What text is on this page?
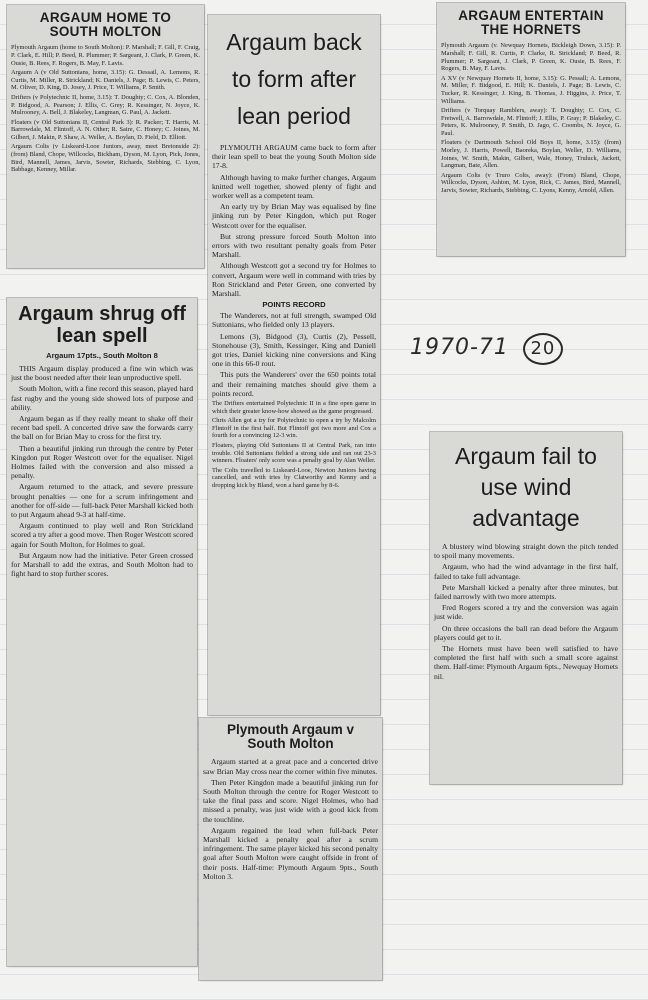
ARGAUM HOME TO SOUTH MOLTON

Plymouth Argaum (home to South Molton): P. Marshall; F. Gill, F. Craig, P. Clark, E. Hill; P. Beed, R. Plummer; P. Sargeant, J. Clark, P. Green, K. Ousie, B. Rees, F. Rogers, B. May, F. Lavis.

Argaum A (v Old Suttonians, home, 3.15): G. Dessail, A. Lemons, R. Curtis, M. Miller, R. Strickland; K. Daniels, J. Page; B. Lewis, C. Peters, M. Oliver, D. King, D. Josey, J. Price, T. Williams, P. Smith.

Drifters (v Polytechnic II, home, 3.15): T. Doughty; C. Cox, A. Blonden, P. Bidgood, A. Pearson; J. Ellis, C. Grey; R. Kessinger, N. Joyce, K. Mulrooney, A. Bell, J. Blakeley, Langman, G. Paul, A. Jackett.

Floaters (v Old Suttonians II, Central Park 3): R. Packer; T. Harris, M. Barrowdale, M. Flintoff, A. N. Other; R. Saire, C. Honey; C. Joines, M. Gilbert, J. Makin, P. Shaw, A. Weller, A. Boylan, D. Field, D. Elliott.

Argaum Colts (v Liskeard-Looe Juniors, away, meet Bretonside 2): (from) Bland, Chope, Willcocks, Bickham, Dyson, M. Lyon, Pick, Jones, Bird, Mannell, James, Jarvis, Sowter, Richards, Stebbing, C. Lyon, Babbage, Kenney, Millar.

Argaum shrug off lean spell
Argaum 17pts., South Molton 8

THIS Argaum display produced a fine win which was just the boost needed after their lean unproductive spell.

South Molton, with a fine record this season, played hard fast rugby and the young side showed lots of purpose and ability.

Argaum began as if they really meant to shake off their recent bad spell. A concerted drive saw the forwards carry the ball on for Brian May to cross for the first try.

Then a beautiful jinking run through the centre by Peter Kingdon put Roger Westcott over for the equaliser. Nigel Holmes failed with the conversion and also missed a penalty.

Argaum returned to the attack, and severe pressure brought penalties — one for a scrum infringement and another for off-side — full-back Peter Marshall kicked both to put Argaum ahead 9-3 at half-time.

Argaum continued to play well and Ron Strickland scored a try after a good move. Then Roger Westcott scored again for South Molton, for Holmes to goal.

But Argaum now had the initiative. Peter Green crossed for Marshall to add the extras, and South Molton had to fight hard to stop further scores.

Argaum back to form after lean period

PLYMOUTH ARGAUM came back to form after their lean spell to beat the young South Molton side 17-8.

Although having to make further changes, Argaum knitted well together, showed plenty of fight and worker well as a competent team.

An early try by Brian May was equalised by fine jinking run by Peter Kingdon, which put Roger Westcott over for the equaliser.

But strong pressure forced South Molton into errors with two resultant penalty goals from Peter Marshall.

Although Westcott got a second try for Holmes to convert, Argaum were well in command with tries by Ron Strickland and Peter Green, one converted by Marshall.

POINTS RECORD

The Wanderers, not at full strength, swamped Old Suttonians, who fielded only 13 players.

Lemons (3), Bidgood (3), Curtis (2), Pessell, Stonehouse (3), Smith, Kessinger, King and Daniell got tries, Daniel kicking nine conversions and King one in this 66-0 rout.

This puts the Wanderers' over the 650 points total and their remaining matches should give them a points record.

The Drifters entertained Polytechnic II in a fine open game in which their greater know-how showed as the game progressed.

Chris Allen got a try for Polytechnic to open a try by Malcolm Flintoff in the first half. But Flintoff got two more and Cox a fourth for a convincing 12-3 win.

Floaters, playing Old Suttonians II at Central Park, ran into trouble. Old Suttonians fielded a strong side and ran out 23-3 winners. Floaters' only score was a penalty goal by Alan Weller.

The Colts travelled to Liskeard-Looe, Newton Juniors having cancelled, and with tries by Clatworthy and Kenny and a dropping kick by Bland, won a hard game by 8-6.

Plymouth Argaum v South Molton

Argaum started at a great pace and a concerted drive saw Brian May cross near the corner within five minutes.

Then Peter Kingdon made a beautiful jinking run for South Molton through the centre for Roger Westcott to take the final pass and score. Nigel Holmes, who had missed a penalty, was just wide with a good kick from the touchline.

Argaum regained the lead when full-back Peter Marshall kicked a penalty goal after a scrum infringement. The same player kicked his second penalty goal after South Molton were caught offside in front of their posts. Half-time: Plymouth Argaum 9pts., South Molton 3.

ARGAUM ENTERTAIN THE HORNETS

Plymouth Argaum (v. Newquay Hornets, Bickleigh Down, 3.15): P. Marshall; F. Gill, R. Curtis, P. Clarke, R. Strickland; P. Beed, R. Plummer; P. Sargeant, J. Clark, P. Green, K. Ousie, B. Rees, F. Rogers, B. May, F. Lavis.

A XV (v Newquay Hornets II, home, 3.15): G. Pessall; A. Lemons, M. Miller, F. Bidgood, E. Hill; K. Daniels, J. Page; B. Lewis, C. Tucker, R. Kessinger, J. King, B. Thomas, J. Higgins, J. Price, T. Williams.

Drifters (v Torquay Ramblers, away): T. Doughty; C. Cox, C. Fretwell, A. Barrowdale, M. Flintoff; J. Ellis, P. Gray; P. Blakeley, C. Peters, K. Mulrooney, P. Smith, D. Jago, C. Coombs, N. Joyce, G. Paul.

Floaters (v Dartmouth School Old Boys II, home, 3.15): (from) Morley, J. Harris, Powell, Baoreka, Boylan, Weller, D. Williams, Joines, W. Smith, Makin, Gilbert, Wale, Honey, Truluck, Jackett, Langman, Bate, Allen.

Argaum Colts (v Truro Colts, away): (From) Bland, Chope, Willcocks, Dyson, Ashton, M. Lyon, Rick, C. James, Bird, Mannell, Jarvis, Sowter, Richards, Stebbing, C. Lyons, Kenny, Arnold, Allen.

Argaum fail to use wind advantage

A blustery wind blowing straight down the pitch tended to spoil many movements.

Argaum, who had the wind advantage in the first half, failed to take full advantage.

Pete Marshall kicked a penalty after three minutes, but failed narrowly with two more attempts.

Fred Rogers scored a try and the conversion was again just wide.

On three occasions the ball ran dead before the Argaum players could get to it.

The Hornets must have been well satisfied to have completed the first half with such a small score against them. Half-time: Plymouth Argaum 6pts., Newquay Hornets nil.

1970-71 20
